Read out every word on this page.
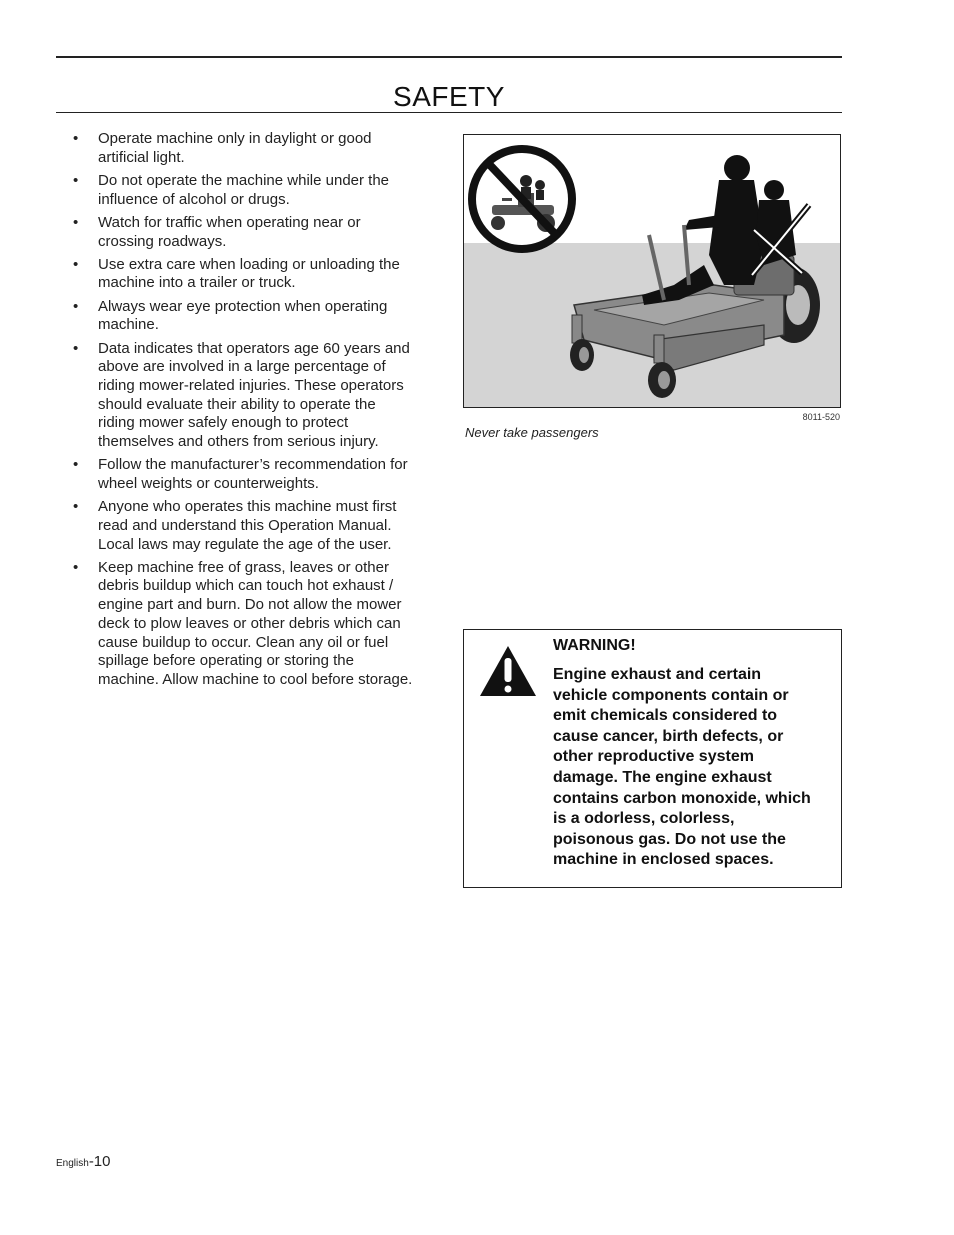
SAFETY
• Operate machine only in daylight or good artificial light.
• Do not operate the machine while under the influence of alcohol or drugs.
• Watch for traffic when operating near or crossing roadways.
• Use extra care when loading or unloading the machine into a trailer or truck.
• Always wear eye protection when operating machine.
• Data indicates that operators age 60 years and above are involved in a large percentage of riding mower-related injuries. These operators should evaluate their ability to operate the riding mower safely enough to protect themselves and others from serious injury.
• Follow the manufacturer’s recommendation for wheel weights or counterweights.
• Anyone who operates this machine must first read and understand this Operation Manual. Local laws may regulate the age of the user.
• Keep machine free of grass, leaves or other debris buildup which can touch hot exhaust / engine part and burn. Do not allow the mower deck to plow leaves or other debris which can cause buildup to occur. Clean any oil or fuel spillage before operating or storing the machine. Allow machine to cool before storage.
8011-520
Never take passengers
WARNING!
Engine exhaust and certain vehicle components contain or emit chemicals considered to cause cancer, birth defects, or other reproductive system damage. The engine exhaust contains carbon monoxide, which is a odorless, colorless, poisonous gas. Do not use the machine in enclosed spaces.
English-10
